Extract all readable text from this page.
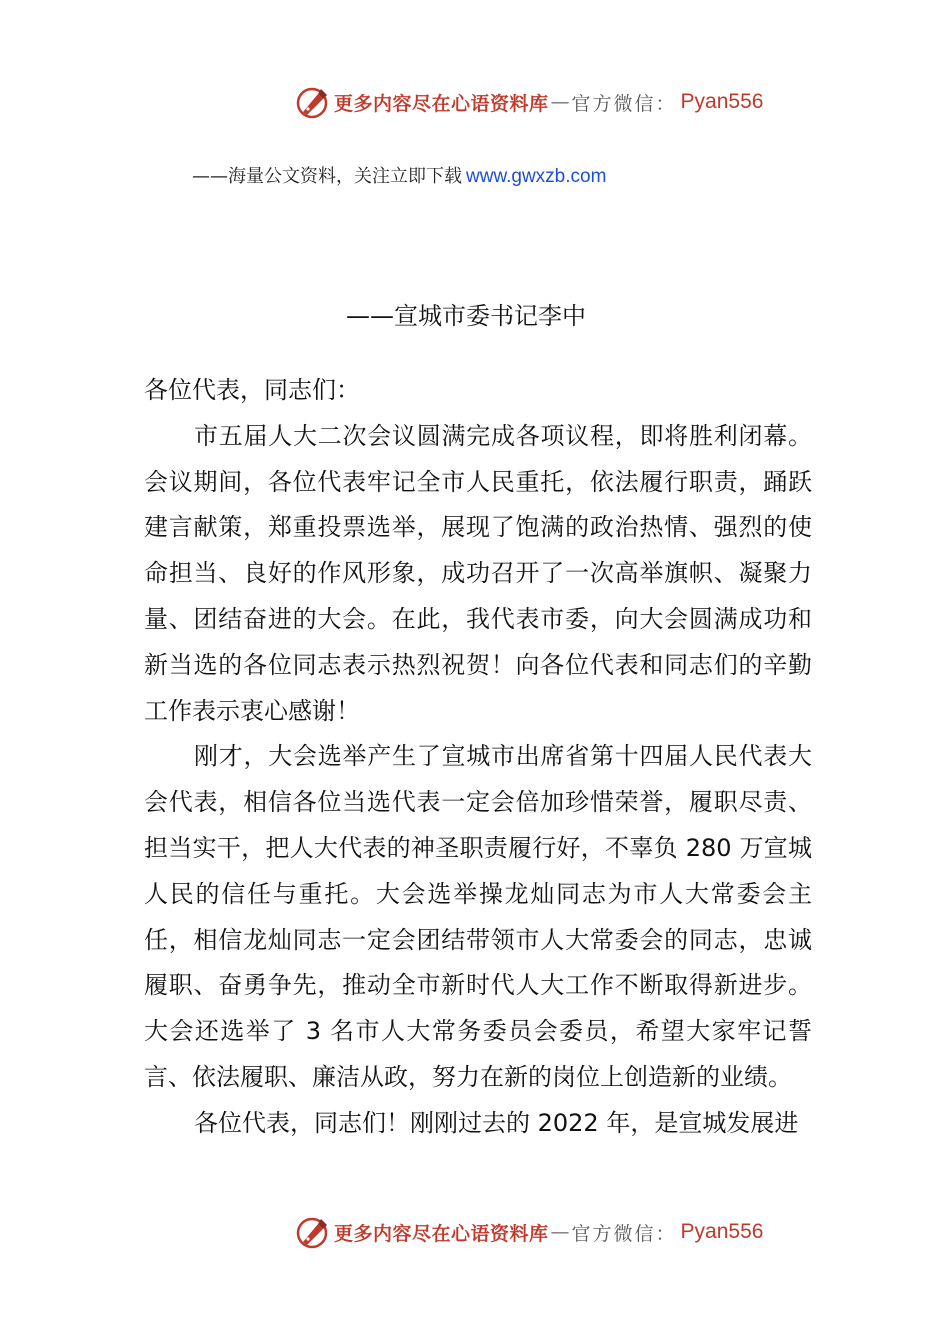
更多内容尽在心语资料库 — 官方微信： Pyan556
——海量公文资料，关注立即下载 www.gwxzb.com
——宣城市委书记李中

各位代表，同志们：

市五届人大二次会议圆满完成各项议程，即将胜利闭幕。会议期间，各位代表牢记全市人民重托，依法履行职责，踊跃建言献策，郑重投票选举，展现了饱满的政治热情、强烈的使命担当、良好的作风形象，成功召开了一次高举旗帜、凝聚力量、团结奋进的大会。在此，我代表市委，向大会圆满成功和新当选的各位同志表示热烈祝贺！向各位代表和同志们的辛勤工作表示衷心感谢！

刚才，大会选举产生了宣城市出席省第十四届人民代表大会代表，相信各位当选代表一定会倍加珍惜荣誉，履职尽责、担当实干，把人大代表的神圣职责履行好，不辜负 280 万宣城人民的信任与重托。大会选举操龙灿同志为市人大常委会主任，相信龙灿同志一定会团结带领市人大常委会的同志，忠诚履职、奋勇争先，推动全市新时代人大工作不断取得新进步。大会还选举了 3 名市人大常务委员会委员，希望大家牢记誓言、依法履职、廉洁从政，努力在新的岗位上创造新的业绩。

各位代表，同志们！刚刚过去的 2022 年，是宣城发展进

更多内容尽在心语资料库 — 官方微信： Pyan556
